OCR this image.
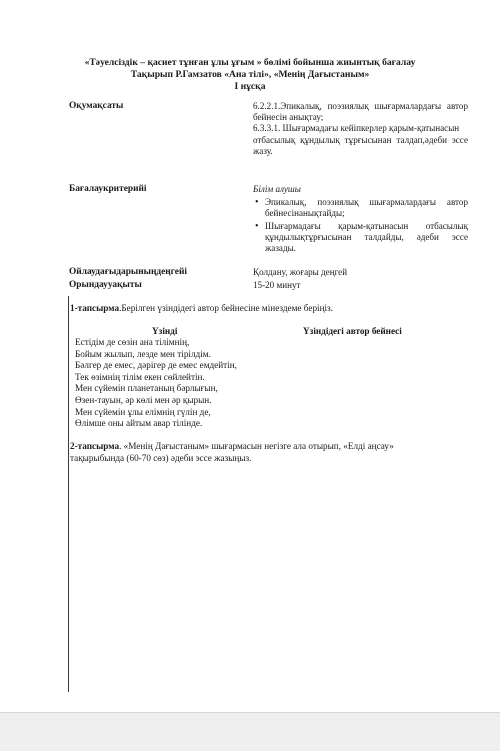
«Тәуелсіздік – қасиет тұнған ұлы ұғым » бөлімі бойынша жиынтық бағалау
Тақырып Р.Гамзатов «Ана тілі», «Менің Дағыстаным»
І нұсқа
Оқумақсаты	6.2.2.1.Эпикалық, поэзиялық шығармалардағы автор бейнесін анықтау;

6.3.3.1. Шығармадағы кейіпкерлер қарым-қатынасын

отбасылық құндылық тұрғысынан талдап,әдеби эссе жазу.

Бағалаукритерийі	Білім алушы

• Эпикалық, поэзиялық шығармалардағы автор бейнесінанықтайды;
• Шығармадағы қарым-қатынасын отбасылық құндылықтұрғысынан талдайды, әдеби эссе жазады.
Ойлаудағыдарыныңдеңгейі	Қолдану, жоғары деңгей
Орындаууақыты	15-20 минут
1-тапсырма.Берілген үзіндідегі автор бейнесіне мінездеме беріңіз.
Үзінді	Үзіндідегі автор бейнесі
Естідім де сөзін ана тілімнің,
Бойым жылып, лезде мен тірілдім.
Бәлгер де емес, дәрігер де емес емдейтін,
Тек өзімнің тілім екен сөйлейтін.
Мен сүйемін планетаның бәрлығын,
Өзен-тауын, әр көлі мен әр қырын.
Мен сүйемін ұлы елімнің гүлін де,
Өлімше оны айтым авар тілінде.
2-тапсырма. «Менің Дағыстаным» шығармасын негізге ала отырып, «Елді аңсау» тақырыбында (60-70 сөз) әдеби эссе жазыңыз.
